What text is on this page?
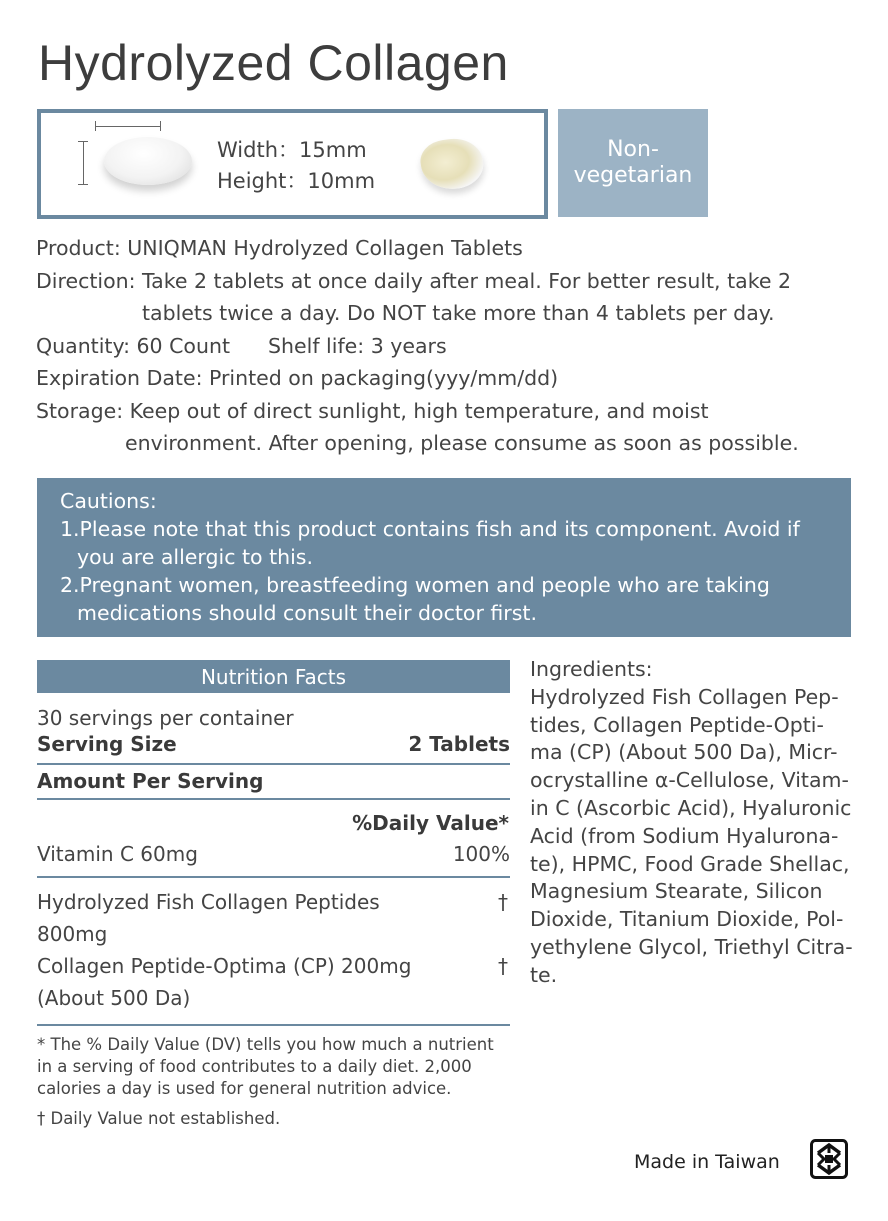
Hydrolyzed Collagen
Width：15mm
Height：10mm
Non-
vegetarian
Product: UNIQMAN Hydrolyzed Collagen Tablets
Direction: Take 2 tablets at once daily after meal. For better result, take 2
tablets twice a day. Do NOT take more than 4 tablets per day.
Quantity: 60 Count Shelf life: 3 years
Expiration Date: Printed on packaging(yyy/mm/dd)
Storage: Keep out of direct sunlight, high temperature, and moist
environment. After opening, please consume as soon as possible.
Cautions:
1.Please note that this product contains fish and its component. Avoid if
you are allergic to this.
2.Pregnant women, breastfeeding women and people who are taking
medications should consult their doctor first.
Nutrition Facts
30 servings per container
Serving Size	2 Tablets
Amount Per Serving
%Daily Value*
Vitamin C 60mg	100%
Hydrolyzed Fish Collagen Peptides
800mg
†
Collagen Peptide-Optima (CP) 200mg
(About 500 Da)
†
* The % Daily Value (DV) tells you how much a nutrient
in a serving of food contributes to a daily diet. 2,000
calories a day is used for general nutrition advice.
† Daily Value not established.
Ingredients:
Hydrolyzed Fish Collagen Pep-
tides, Collagen Peptide-Opti-
ma (CP) (About 500 Da), Micr-
ocrystalline α-Cellulose, Vitam-
in C (Ascorbic Acid), Hyaluronic
Acid (from Sodium Hyalurona-
te), HPMC, Food Grade Shellac,
Magnesium Stearate, Silicon
Dioxide, Titanium Dioxide, Pol-
yethylene Glycol, Triethyl Citra-
te.
Made in Taiwan
